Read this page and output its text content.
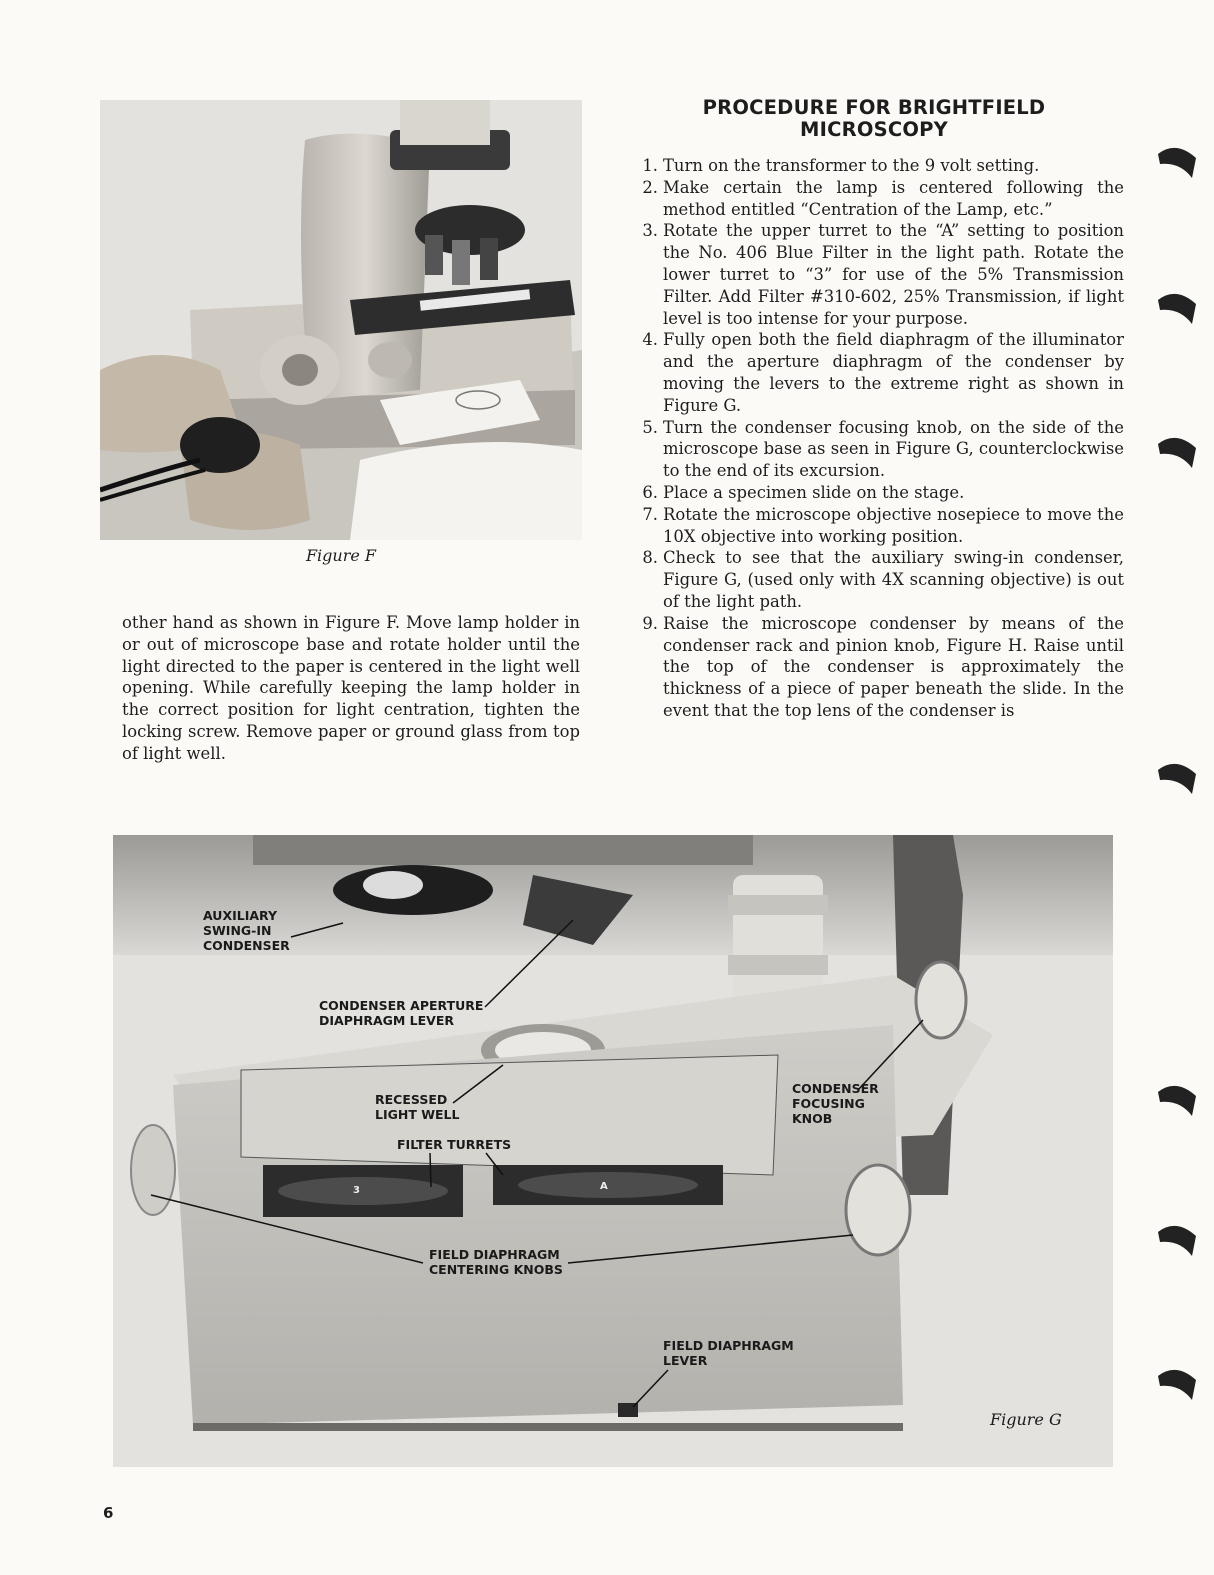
Figure F
other hand as shown in Figure F. Move lamp holder in or out of microscope base and rotate holder until the light directed to the paper is centered in the light well opening. While carefully keeping the lamp holder in the correct position for light centration, tighten the locking screw. Remove paper or ground glass from top of light well.
PROCEDURE FOR BRIGHTFIELD
MICROSCOPY
1. Turn on the transformer to the 9 volt setting.
2. Make certain the lamp is centered following the method entitled “Centration of the Lamp, etc.”
3. Rotate the upper turret to the “A” setting to position the No. 406 Blue Filter in the light path. Rotate the lower turret to “3” for use of the 5% Transmission Filter. Add Filter #310-602, 25% Transmission, if light level is too intense for your purpose.
4. Fully open both the field diaphragm of the illuminator and the aperture diaphragm of the condenser by moving the levers to the extreme right as shown in Figure G.
5. Turn the condenser focusing knob, on the side of the microscope base as seen in Figure G, counterclockwise to the end of its excursion.
6. Place a specimen slide on the stage.
7. Rotate the microscope objective nosepiece to move the 10X objective into working position.
8. Check to see that the auxiliary swing-in condenser, Figure G, (used only with 4X scanning objective) is out of the light path.
9. Raise the microscope condenser by means of the condenser rack and pinion knob, Figure H. Raise until the top of the condenser is approximately the thickness of a piece of paper beneath the slide. In the event that the top lens of the condenser is
AUXILIARY
SWING-IN
CONDENSER
CONDENSER APERTURE
DIAPHRAGM LEVER
RECESSED
LIGHT WELL
FILTER TURRETS
CONDENSER
FOCUSING
KNOB
FIELD DIAPHRAGM
CENTERING KNOBS
FIELD DIAPHRAGM
LEVER
3	A
Figure G
6
